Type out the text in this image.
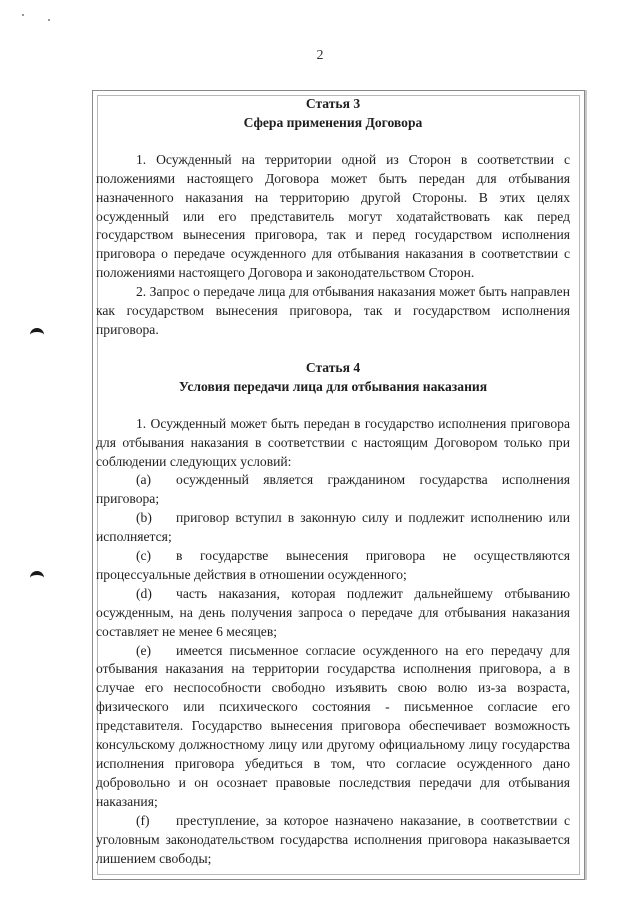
2
Статья 3
Сфера применения Договора

1. Осужденный на территории одной из Сторон в соответствии с положениями настоящего Договора может быть передан для отбывания назначенного наказания на территорию другой Стороны. В этих целях осужденный или его представитель могут ходатайствовать как перед государством вынесения приговора, так и перед государством исполнения приговора о передаче осужденного для отбывания наказания в соответствии с положениями настоящего Договора и законодательством Сторон.

2. Запрос о передаче лица для отбывания наказания может быть направлен как государством вынесения приговора, так и государством исполнения приговора.

Статья 4
Условия передачи лица для отбывания наказания

1. Осужденный может быть передан в государство исполнения приговора для отбывания наказания в соответствии с настоящим Договором только при соблюдении следующих условий:

(a) осужденный является гражданином государства исполнения приговора;

(b) приговор вступил в законную силу и подлежит исполнению или исполняется;

(c) в государстве вынесения приговора не осуществляются процессуальные действия в отношении осужденного;

(d) часть наказания, которая подлежит дальнейшему отбыванию осужденным, на день получения запроса о передаче для отбывания наказания составляет не менее 6 месяцев;

(e) имеется письменное согласие осужденного на его передачу для отбывания наказания на территории государства исполнения приговора, а в случае его неспособности свободно изъявить свою волю из-за возраста, физического или психического состояния - письменное согласие его представителя. Государство вынесения приговора обеспечивает возможность консульскому должностному лицу или другому официальному лицу государства исполнения приговора убедиться в том, что согласие осужденного дано добровольно и он осознает правовые последствия передачи для отбывания наказания;

(f) преступление, за которое назначено наказание, в соответствии с уголовным законодательством государства исполнения приговора наказывается лишением свободы;
